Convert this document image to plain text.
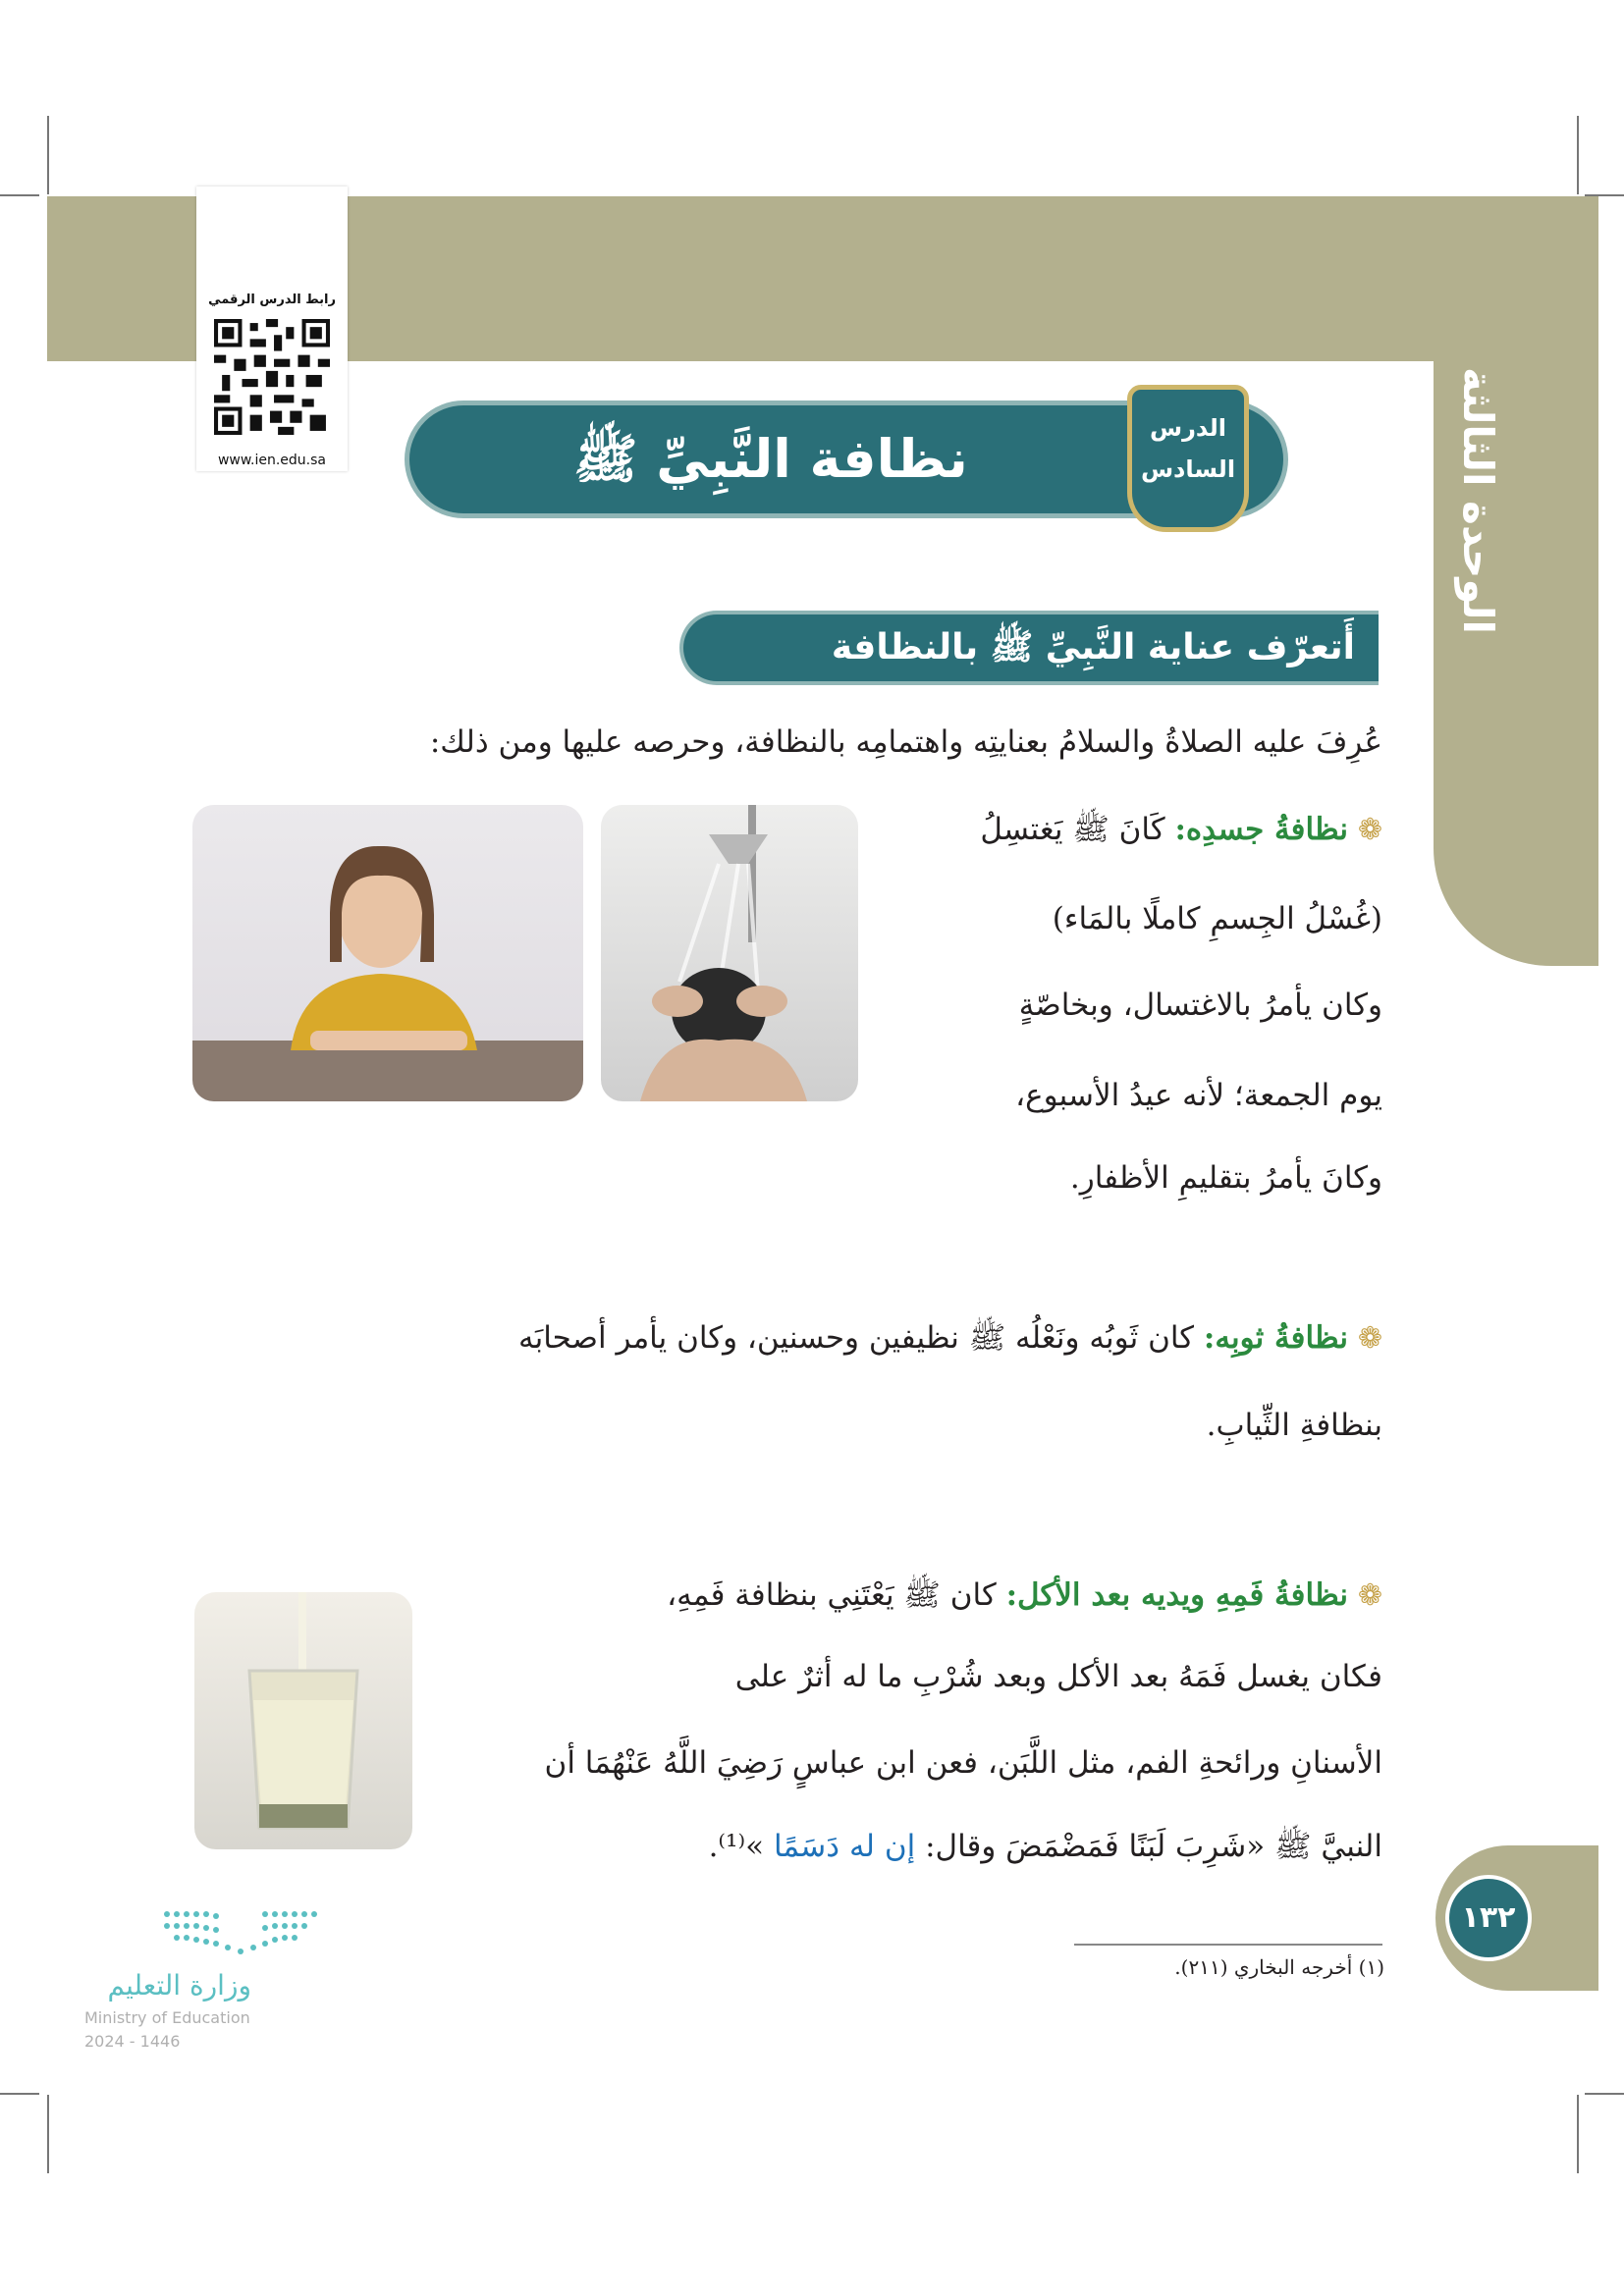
الوحدة الثالثة
رابط الدرس الرقمي
www.ien.edu.sa	نظافة النَّبِيِّ ﷺ	الدرس
السادس
أَتعرّف عناية النَّبِيِّ ﷺ بالنظافة
عُرِفَ عليه الصلاةُ والسلامُ بعنايتِه واهتمامِه بالنظافة، وحرصه عليها ومن ذلك:
❁ نظافةُ جسدِه: كَانَ ﷺ يَغتسِلُ
(غُسْلُ الجِسمِ كاملًا بالمَاء)
وكان يأمرُ بالاغتسال، وبخاصّةٍ
يوم الجمعة؛ لأنه عيدُ الأسبوع،
وكانَ يأمرُ بتقليمِ الأظفارِ.
❁ نظافةُ ثوبِه: كان ثَوبُه ونَعْلُه ﷺ نظيفين وحسنين، وكان يأمر أصحابَه
بنظافةِ الثِّيابِ.
❁ نظافةُ فَمِهِ ويديه بعد الأكل: كان ﷺ يَعْتَنِي بنظافة فَمِهِ،
فكان يغسل فَمَهُ بعد الأكل وبعد شُرْبِ ما له أثرٌ على
الأسنانِ ورائحةِ الفم، مثل اللَّبَن، فعن ابن عباسٍ رَضِيَ اللَّهُ عَنْهُمَا أن
النبيَّ ﷺ «شَرِبَ لَبَنًا فَمَضْمَضَ وقال: إن له دَسَمًا »⁽¹⁾.
(١) أخرجه البخاري (٢١١).
١٣٢
وزارة التعليم
Ministry of Education
2024 - 1446
